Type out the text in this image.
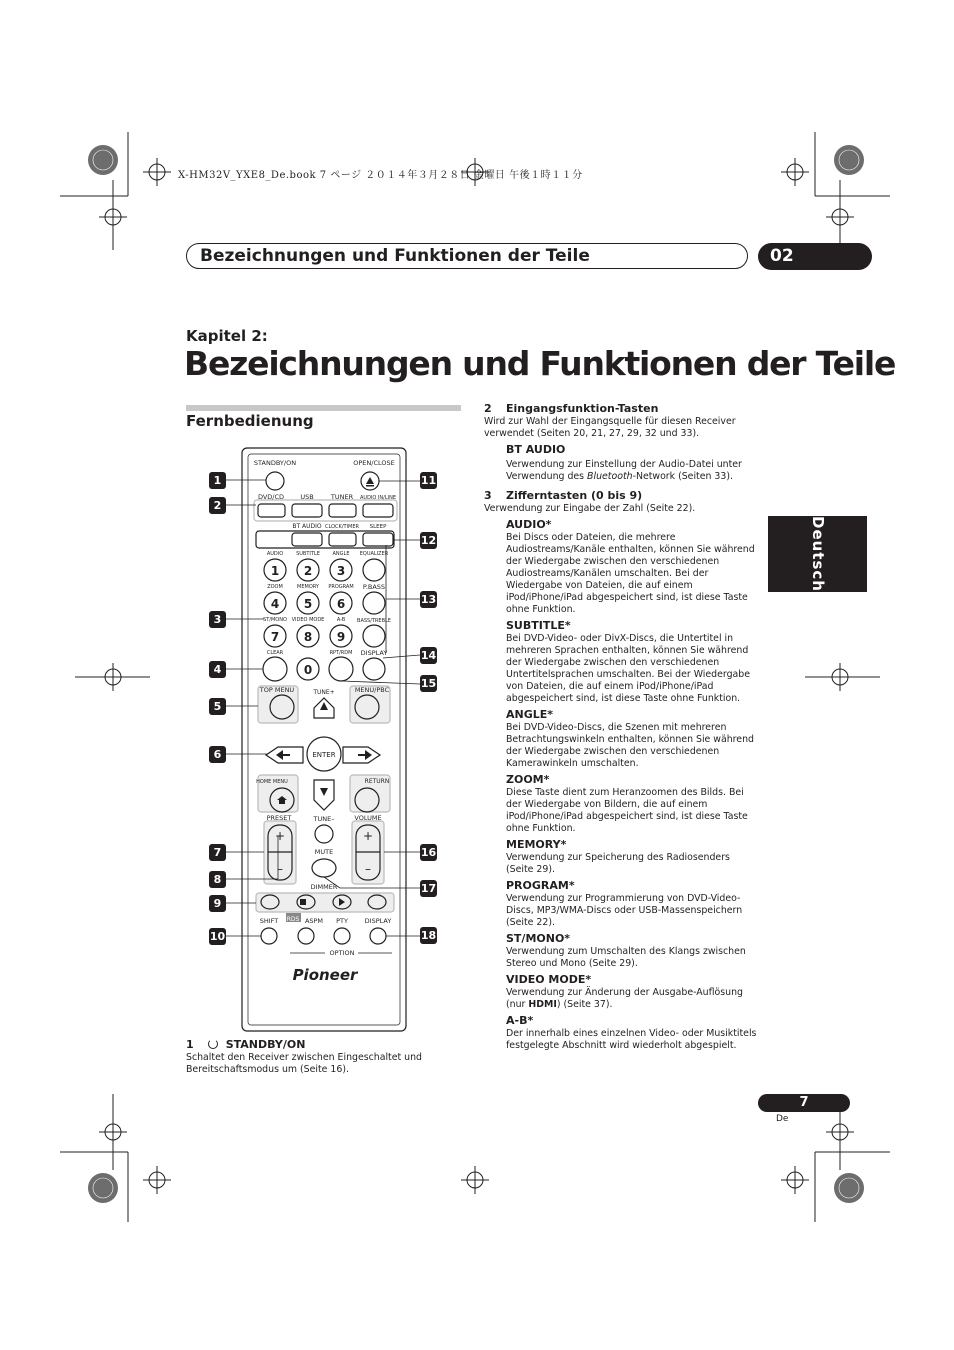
X-HM32V_YXE8_De.book 7 ページ ２０１４年３月２８日 金曜日 午後１時１１分
Bezeichnungen und Funktionen der Teile	02
Kapitel 2:
Bezeichnungen und Funktionen der Teile
Fernbedienung
Deutsch
STANDBY/ON	OPEN/CLOSE
DVD/CD	USB	TUNER AUDIO IN/LINE
BT AUDIO CLOCK/TIMER SLEEP
AUDIO	SUBTITLE	ANGLE EQUALIZER
ZOOM	MEMORY PROGRAM P.BASS
ST/MONO VIDEO MODE A-B BASS/TREBLE
CLEAR	RPT/RDM DISPLAY
1 2 3
4 5 6
7 8 9
0
TOP MENU	TUNE+	MENU/PBC
ENTER
HOME MENU	RETURN
TUNE–
PRESET	VOLUME
MUTE
DIMMER
+	+
–	–
SHIFT RDS ASPM PTY	DISPLAY
OPTION
Pioneer
1
2
3
4
5
6
7
8
9
10
11
12
13
14
15
16
17
18
1	STANDBY/ON

Schaltet den Receiver zwischen Eingeschaltet und Bereitschaftsmodus um (Seite 16).

2 Eingangsfunktion-Tasten

Wird zur Wahl der Eingangsquelle für diesen Receiver verwendet (Seiten 20, 21, 27, 29, 32 und 33).

BT AUDIO

Verwendung zur Einstellung der Audio-Datei unter Verwendung des Bluetooth-Network (Seiten 33).

3 Zifferntasten (0 bis 9)

Verwendung zur Eingabe der Zahl (Seite 22).

AUDIO*

Bei Discs oder Dateien, die mehrere Audiostreams/Kanäle enthalten, können Sie während der Wiedergabe zwischen den verschiedenen Audiostreams/Kanälen umschalten. Bei der Wiedergabe von Dateien, die auf einem iPod/iPhone/iPad abgespeichert sind, ist diese Taste ohne Funktion.

SUBTITLE*

Bei DVD-Video- oder DivX-Discs, die Untertitel in mehreren Sprachen enthalten, können Sie während der Wiedergabe zwischen den verschiedenen Untertitelsprachen umschalten. Bei der Wiedergabe von Dateien, die auf einem iPod/iPhone/iPad abgespeichert sind, ist diese Taste ohne Funktion.

ANGLE*

Bei DVD-Video-Discs, die Szenen mit mehreren Betrachtungswinkeln enthalten, können Sie während der Wiedergabe zwischen den verschiedenen Kamerawinkeln umschalten.

ZOOM*

Diese Taste dient zum Heranzoomen des Bilds. Bei der Wiedergabe von Bildern, die auf einem iPod/iPhone/iPad abgespeichert sind, ist diese Taste ohne Funktion.

MEMORY*

Verwendung zur Speicherung des Radiosenders (Seite 29).

PROGRAM*

Verwendung zur Programmierung von DVD-Video-Discs, MP3/WMA-Discs oder USB-Massenspeichern (Seite 22).

ST/MONO*

Verwendung zum Umschalten des Klangs zwischen Stereo und Mono (Seite 29).

VIDEO MODE*

Verwendung zur Änderung der Ausgabe-Auflösung (nur HDMI) (Seite 37).

A-B*

Der innerhalb eines einzelnen Video- oder Musiktitels festgelegte Abschnitt wird wiederholt abgespielt.

7
De
